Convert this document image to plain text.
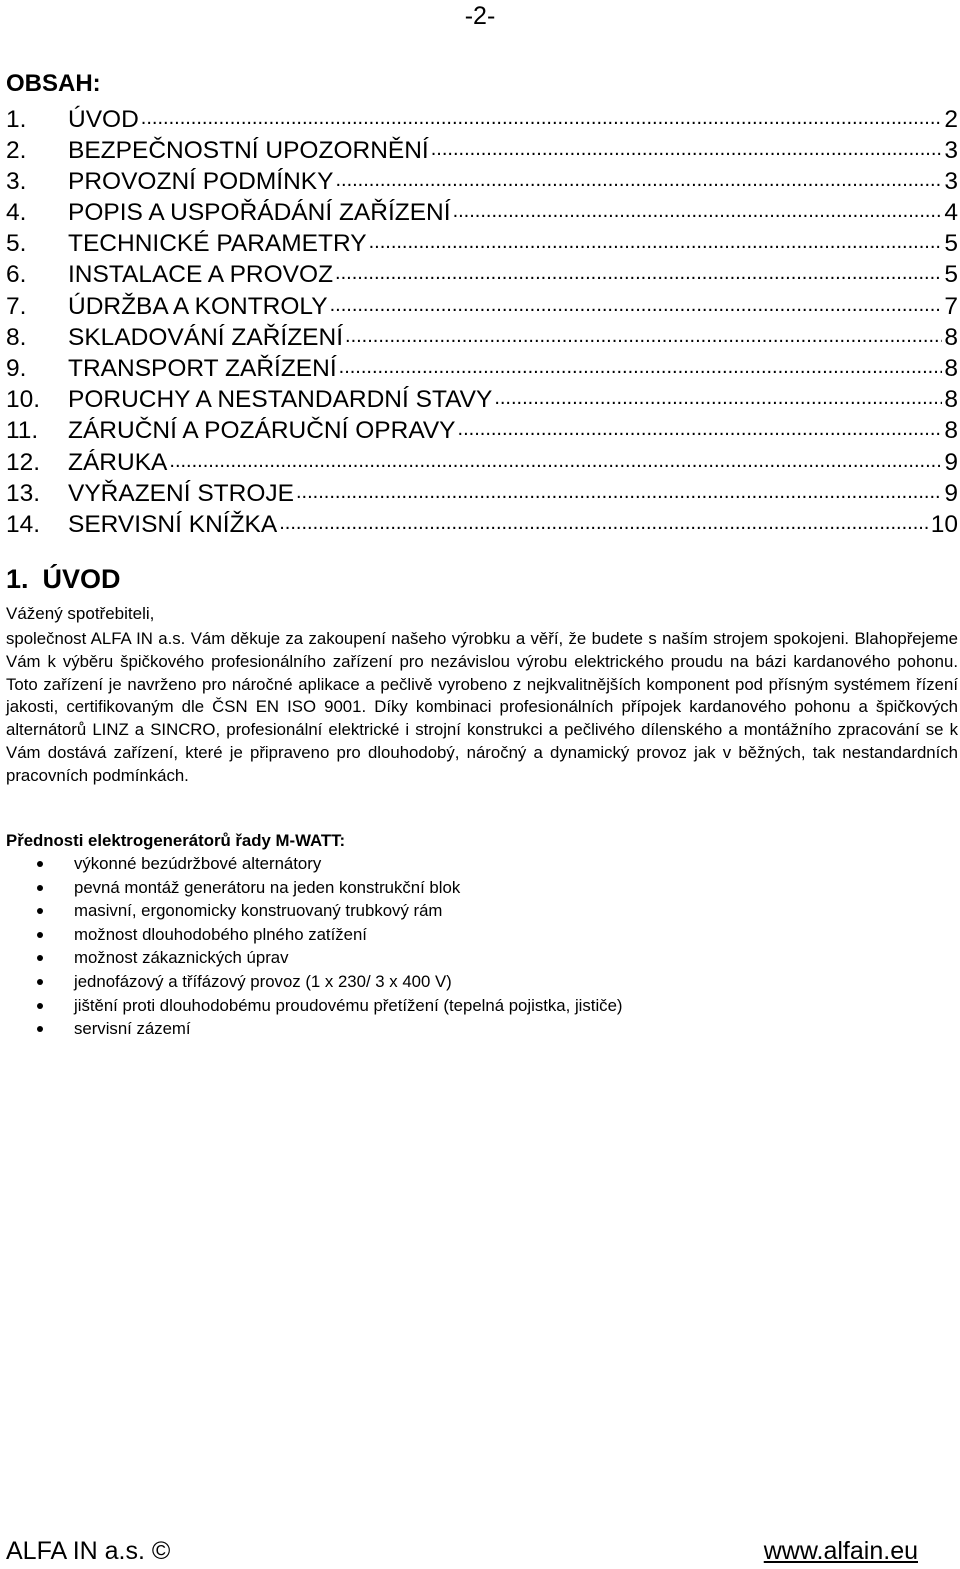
-2-
OBSAH:
1.	ÚVOD .....	2
2.	BEZPEČNOSTNÍ UPOZORNĚNÍ .....	3
3.	PROVOZNÍ PODMÍNKY .....	3
4.	POPIS A USPOŘÁDÁNÍ ZAŘÍZENÍ .....	4
5.	TECHNICKÉ PARAMETRY .....	5
6.	INSTALACE A PROVOZ .....	5
7.	ÚDRŽBA A KONTROLY .....	7
8.	SKLADOVÁNÍ ZAŘÍZENÍ .....	8
9.	TRANSPORT ZAŘÍZENÍ .....	8
10.	PORUCHY A NESTANDARDNÍ STAVY .....	8
11.	ZÁRUČNÍ A POZÁRUČNÍ OPRAVY .....	8
12.	ZÁRUKA .....	9
13.	VYŘAZENÍ STROJE .....	9
14.	SERVISNÍ KNÍŽKA .....	10
1. ÚVOD
Vážený spotřebiteli,

společnost ALFA IN a.s. Vám děkuje za zakoupení našeho výrobku a věří, že budete s naším strojem spokojeni. Blahopřejeme Vám k výběru špičkového profesionálního zařízení pro nezávislou výrobu elektrického proudu na bázi kardanového pohonu. Toto zařízení je navrženo pro náročné aplikace a pečlivě vyrobeno z nejkvalitnějších komponent pod přísným systémem řízení jakosti, certifikovaným dle ČSN EN ISO 9001. Díky kombinaci profesionálních přípojek kardanového pohonu a špičkových alternátorů LINZ a SINCRO, profesionální elektrické i strojní konstrukci a pečlivého dílenského a montážního zpracování se k Vám dostává zařízení, které je připraveno pro dlouhodobý, náročný a dynamický provoz jak v běžných, tak nestandardních pracovních podmínkách.

Přednosti elektrogenerátorů řady M-WATT:
výkonné bezúdržbové alternátory
pevná montáž generátoru na jeden konstrukční blok
masivní, ergonomicky konstruovaný trubkový rám
možnost dlouhodobého plného zatížení
možnost zákaznických úprav
jednofázový a třífázový provoz (1 x 230/ 3 x 400 V)
jištění proti dlouhodobému proudovému přetížení (tepelná pojistka, jističe)
servisní zázemí
ALFA IN a.s. ©	www.alfain.eu
